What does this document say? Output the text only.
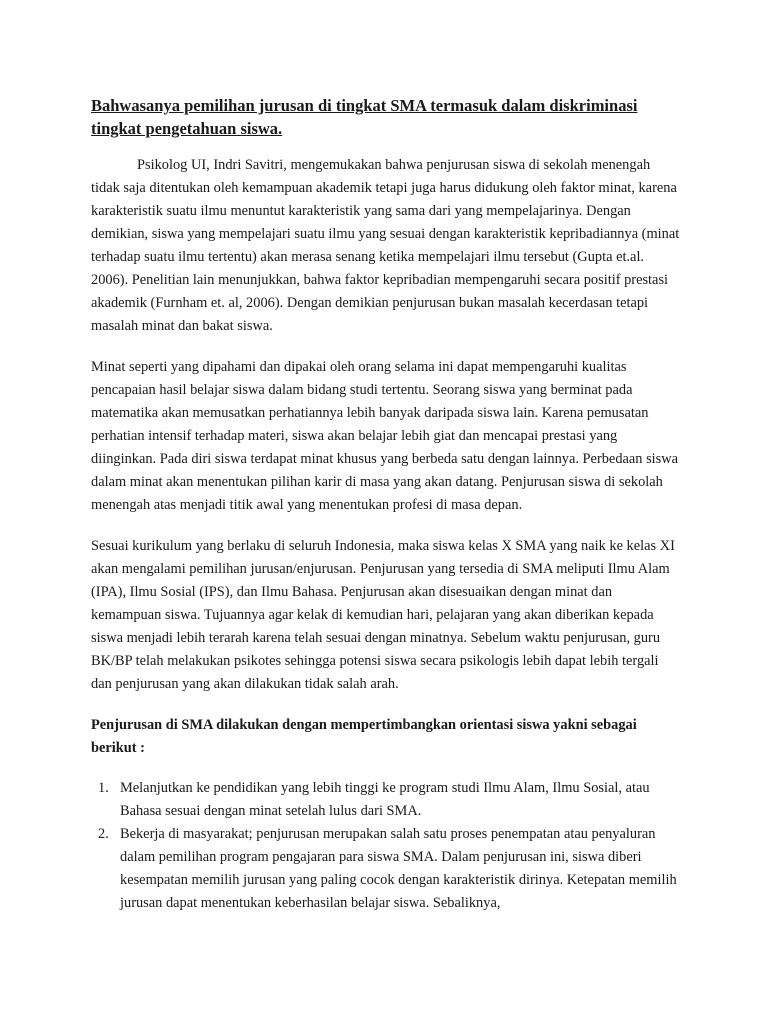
Bahwasanya pemilihan jurusan di tingkat SMA termasuk dalam diskriminasi tingkat pengetahuan siswa.

Psikolog UI, Indri Savitri, mengemukakan bahwa penjurusan siswa di sekolah menengah tidak saja ditentukan oleh kemampuan akademik tetapi juga harus didukung oleh faktor minat, karena karakteristik suatu ilmu menuntut karakteristik yang sama dari yang mempelajarinya. Dengan demikian, siswa yang mempelajari suatu ilmu yang sesuai dengan karakteristik kepribadiannya (minat terhadap suatu ilmu tertentu) akan merasa senang ketika mempelajari ilmu tersebut (Gupta et.al. 2006). Penelitian lain menunjukkan, bahwa faktor kepribadian mempengaruhi secara positif prestasi akademik (Furnham et. al, 2006). Dengan demikian penjurusan bukan masalah kecerdasan tetapi masalah minat dan bakat siswa.

Minat seperti yang dipahami dan dipakai oleh orang selama ini dapat mempengaruhi kualitas pencapaian hasil belajar siswa dalam bidang studi tertentu. Seorang siswa yang berminat pada matematika akan memusatkan perhatiannya lebih banyak daripada siswa lain. Karena pemusatan perhatian intensif terhadap materi, siswa akan belajar lebih giat dan mencapai prestasi yang diinginkan. Pada diri siswa terdapat minat khusus yang berbeda satu dengan lainnya. Perbedaan siswa dalam minat akan menentukan pilihan karir di masa yang akan datang. Penjurusan siswa di sekolah menengah atas menjadi titik awal yang menentukan profesi di masa depan.

Sesuai kurikulum yang berlaku di seluruh Indonesia, maka siswa kelas X SMA yang naik ke kelas XI akan mengalami pemilihan jurusan/enjurusan. Penjurusan yang tersedia di SMA meliputi Ilmu Alam (IPA), Ilmu Sosial (IPS), dan Ilmu Bahasa. Penjurusan akan disesuaikan dengan minat dan kemampuan siswa. Tujuannya agar kelak di kemudian hari, pelajaran yang akan diberikan kepada siswa menjadi lebih terarah karena telah sesuai dengan minatnya. Sebelum waktu penjurusan, guru BK/BP telah melakukan psikotes sehingga potensi siswa secara psikologis lebih dapat lebih tergali dan penjurusan yang akan dilakukan tidak salah arah.

Penjurusan di SMA dilakukan dengan mempertimbangkan orientasi siswa yakni sebagai berikut :

1. Melanjutkan ke pendidikan yang lebih tinggi ke program studi Ilmu Alam, Ilmu Sosial, atau Bahasa sesuai dengan minat setelah lulus dari SMA.
2. Bekerja di masyarakat; penjurusan merupakan salah satu proses penempatan atau penyaluran dalam pemilihan program pengajaran para siswa SMA. Dalam penjurusan ini, siswa diberi kesempatan memilih jurusan yang paling cocok dengan karakteristik dirinya. Ketepatan memilih jurusan dapat menentukan keberhasilan belajar siswa. Sebaliknya,
